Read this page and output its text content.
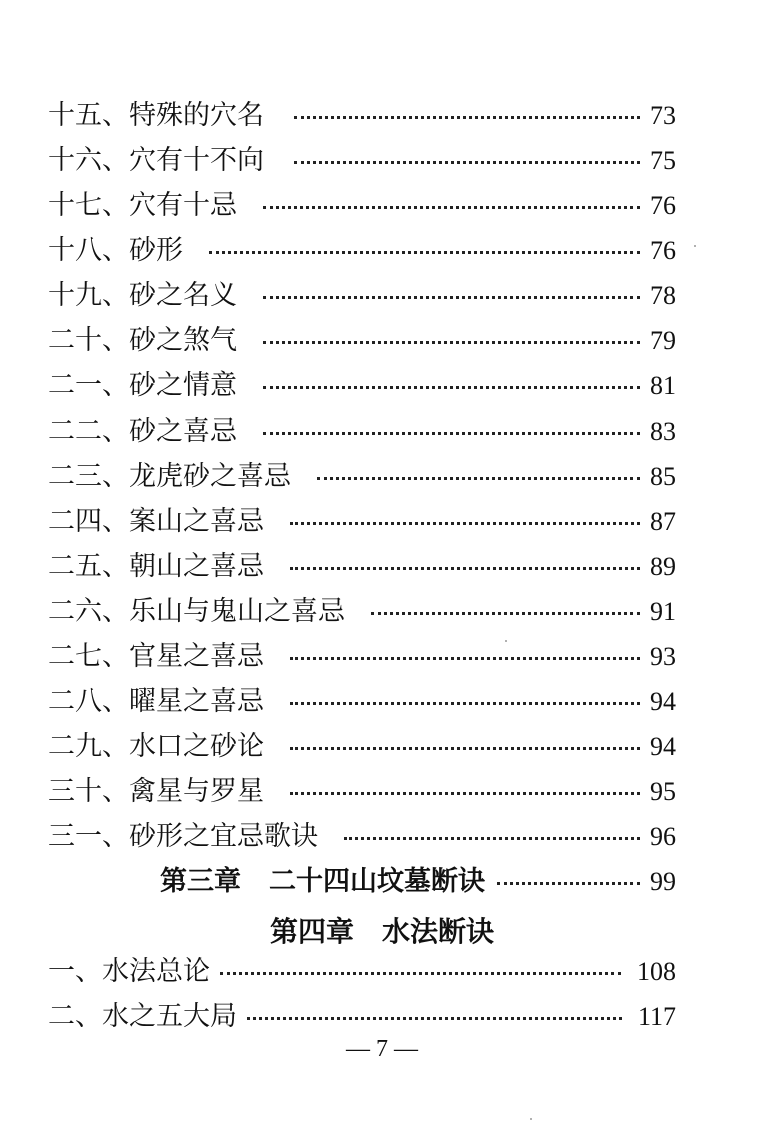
十五、特殊的穴名	73
十六、穴有十不向	75
十七、穴有十忌	76
十八、砂形	76
十九、砂之名义	78
二十、砂之煞气	79
二一、砂之情意	81
二二、砂之喜忌	83
二三、龙虎砂之喜忌	85
二四、案山之喜忌	87
二五、朝山之喜忌	89
二六、乐山与鬼山之喜忌	91
二七、官星之喜忌	93
二八、曜星之喜忌	94
二九、水口之砂论	94
三十、禽星与罗星	95
三一、砂形之宜忌歌诀	96
第三章 二十四山坟墓断诀	99
第四章 水法断诀
一、水法总论	108
二、水之五大局	117
— 7 —
